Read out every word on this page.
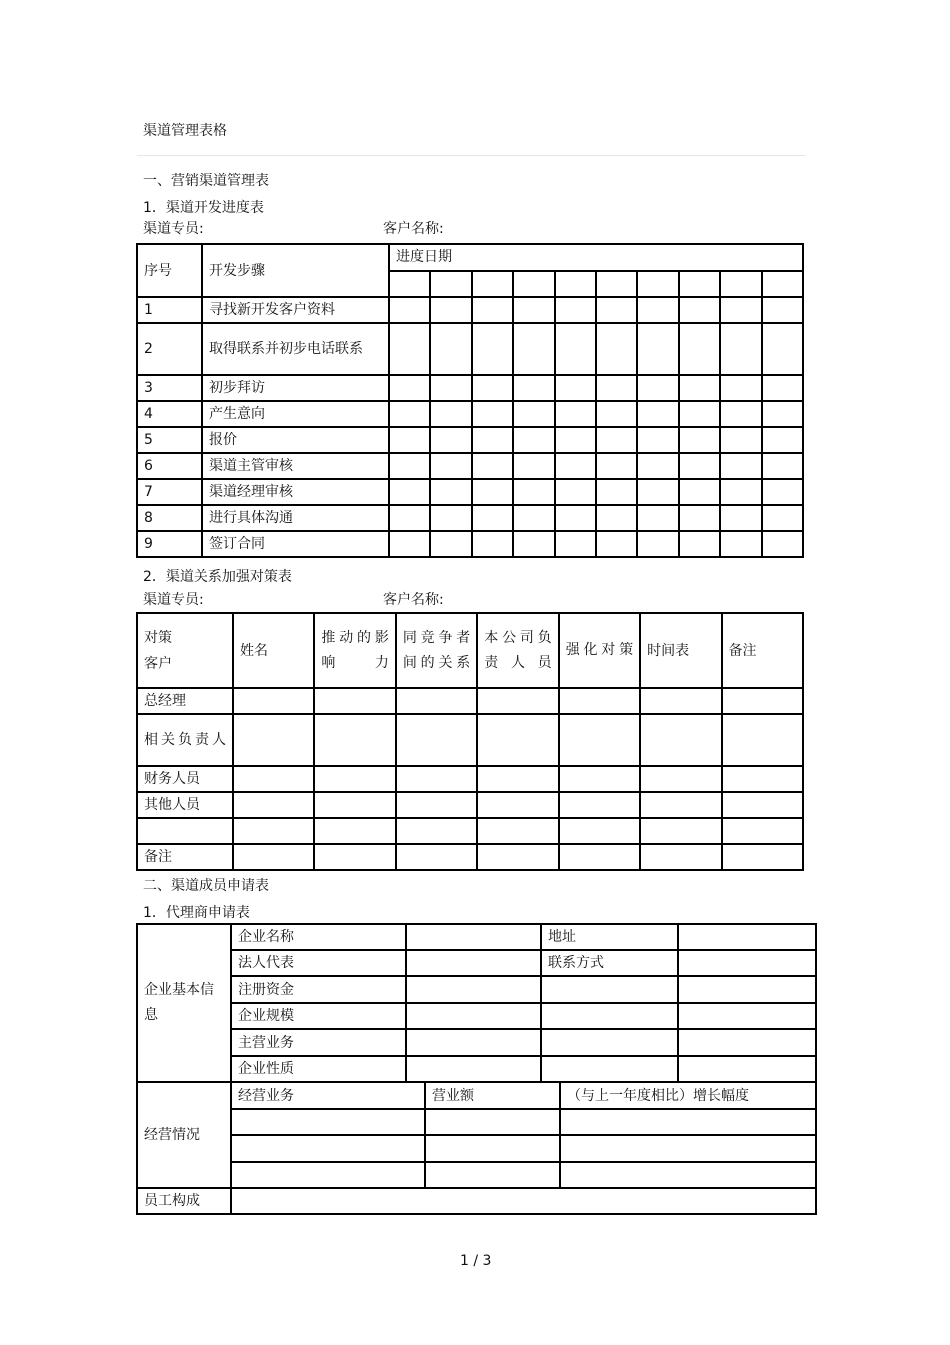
渠道管理表格
一、营销渠道管理表
1．渠道开发进度表
渠道专员:	客户名称:
序号	开发步骤	进度日期									

1	寻找新开发客户资料										
2	取得联系并初步电话联系										
3	初步拜访										
4	产生意向										
5	报价										
6	渠道主管审核										
7	渠道经理审核										
8	进行具体沟通										
9	签订合同										
2．渠道关系加强对策表
渠道专员:	客户名称:
对策
客户	姓名	推动的影响力	同竞争者间的关系	本公司负责人员	强化对策	时间表	备注
总经理							
相关负责人							
财务人员							
其他人员							

备注							
二、渠道成员申请表
1．代理商申请表
企业基本信息	企业名称			地址		
	法人代表			联系方式		
	注册资金					
	企业规模					
	主营业务					
	企业性质					
经营情况	经营业务		营业额		（与上一年度相比）增长幅度	

员工构成						
1 / 3
